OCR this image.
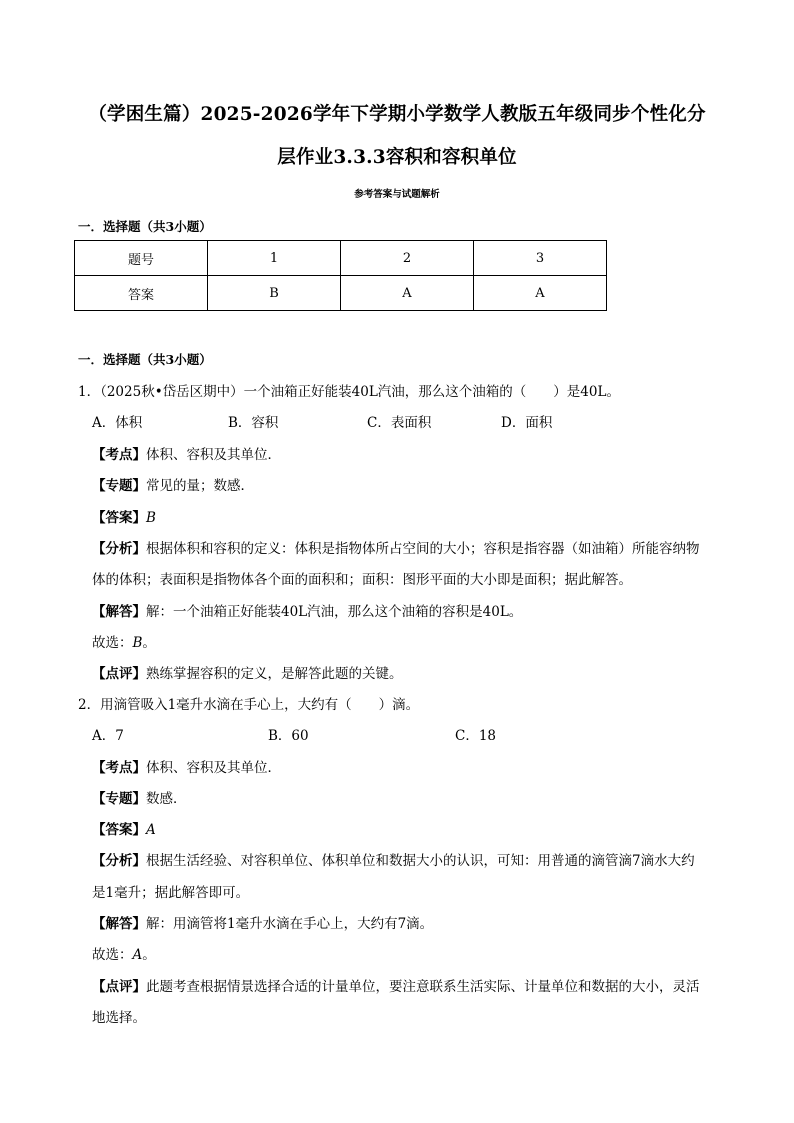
（学困生篇）2025-2026学年下学期小学数学人教版五年级同步个性化分
层作业3.3.3容积和容积单位
参考答案与试题解析
一．选择题（共3小题）
题号	1	2	3
答案	B	A	A
一．选择题（共3小题）
1．（2025秋•岱岳区期中）一个油箱正好能装40L汽油，那么这个油箱的（　　）是40L。
A．体积	B．容积	C．表面积	D．面积
【考点】体积、容积及其单位．
【专题】常见的量；数感．
【答案】B
【分析】根据体积和容积的定义：体积是指物体所占空间的大小；容积是指容器（如油箱）所能容纳物
体的体积；表面积是指物体各个面的面积和；面积：图形平面的大小即是面积；据此解答。
【解答】解：一个油箱正好能装40L汽油，那么这个油箱的容积是40L。
故选：B。
【点评】熟练掌握容积的定义，是解答此题的关键。
2．用滴管吸入1毫升水滴在手心上，大约有（　　）滴。
A．7	B．60	C．18
【考点】体积、容积及其单位．
【专题】数感．
【答案】A
【分析】根据生活经验、对容积单位、体积单位和数据大小的认识，可知：用普通的滴管滴7滴水大约
是1毫升；据此解答即可。
【解答】解：用滴管将1毫升水滴在手心上，大约有7滴。
故选：A。
【点评】此题考查根据情景选择合适的计量单位，要注意联系生活实际、计量单位和数据的大小，灵活
地选择。
